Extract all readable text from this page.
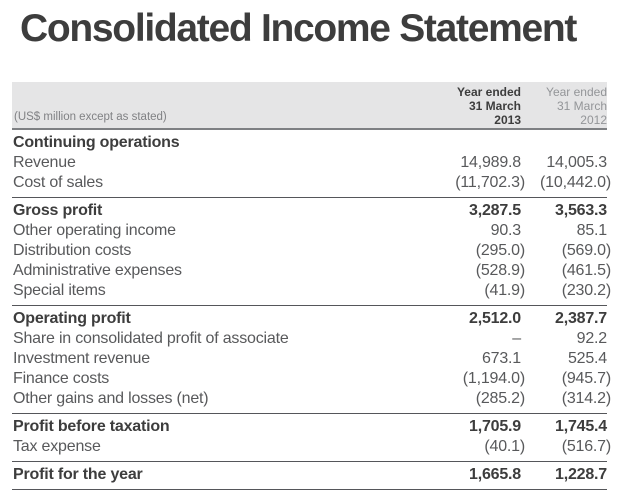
Consolidated Income Statement
(US$ million except as stated)
Year ended
31 March
2013
Year ended
31 March
2012
Continuing operations
Revenue	14,989.8	14,005.3
Cost of sales	(11,702.3) (10,442.0)
Gross profit	3,287.5	3,563.3
Other operating income	90.3	85.1
Distribution costs	(295.0)	(569.0)
Administrative expenses	(528.9)	(461.5)
Special items	(41.9)	(230.2)
Operating profit	2,512.0	2,387.7
Share in consolidated profit of associate	–	92.2
Investment revenue	673.1	525.4
Finance costs	(1,194.0)	(945.7)
Other gains and losses (net)	(285.2)	(314.2)
Profit before taxation	1,705.9	1,745.4
Tax expense	(40.1)	(516.7)
Profit for the year	1,665.8	1,228.7
